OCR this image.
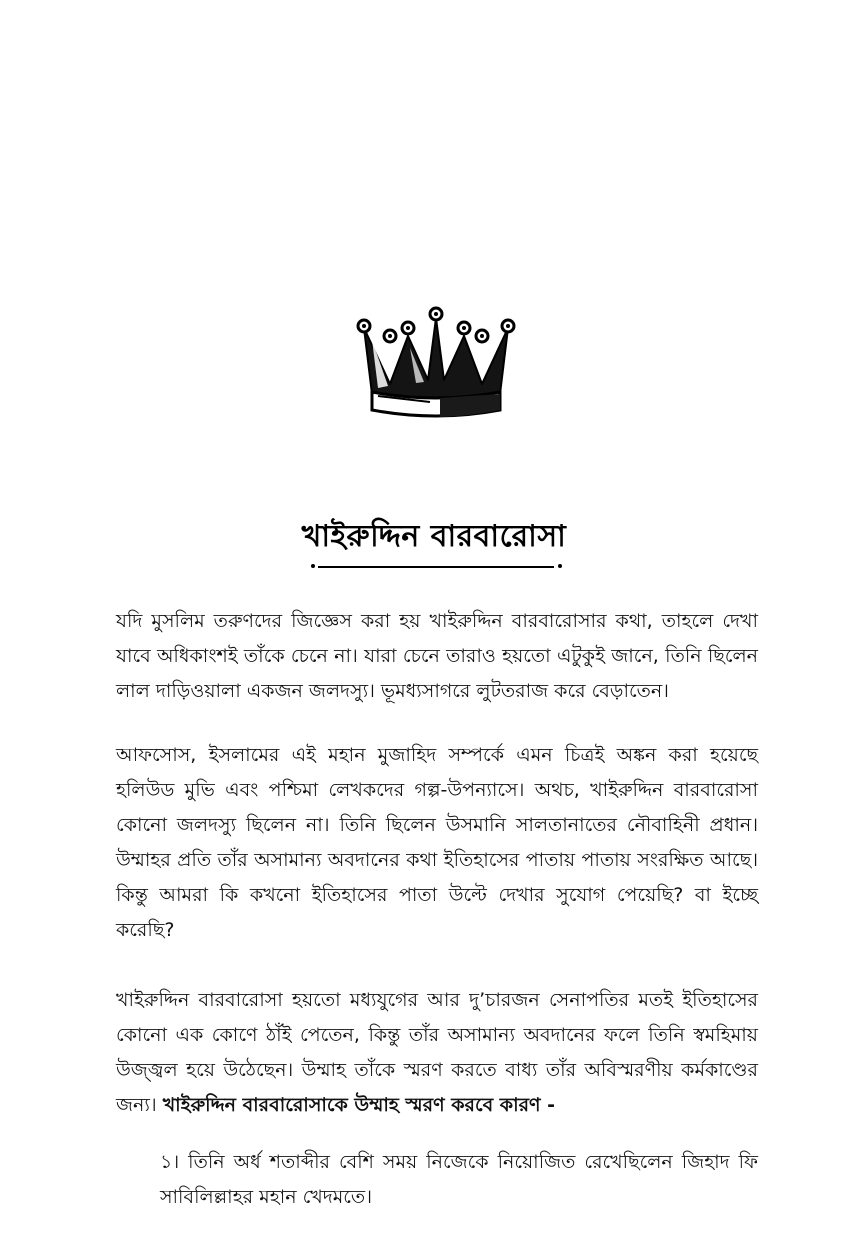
খাইরুদ্দিন বারবারোসা

যদি মুসলিম তরুণদের জিজ্ঞেস করা হয় খাইরুদ্দিন বারবারোসার কথা, তাহলে দেখা যাবে অধিকাংশই তাঁকে চেনে না। যারা চেনে তারাও হয়তো এটুকুই জানে, তিনি ছিলেন লাল দাড়িওয়ালা একজন জলদস্যু। ভূমধ্যসাগরে লুটতরাজ করে বেড়াতেন।

আফসোস, ইসলামের এই মহান মুজাহিদ সম্পর্কে এমন চিত্রই অঙ্কন করা হয়েছে হলিউড মুভি এবং পশ্চিমা লেখকদের গল্প-উপন্যাসে। অথচ, খাইরুদ্দিন বারবারোসা কোনো জলদস্যু ছিলেন না। তিনি ছিলেন উসমানি সালতানাতের নৌবাহিনী প্রধান। উম্মাহর প্রতি তাঁর অসামান্য অবদানের কথা ইতিহাসের পাতায় পাতায় সংরক্ষিত আছে। কিন্তু আমরা কি কখনো ইতিহাসের পাতা উল্টে দেখার সুযোগ পেয়েছি? বা ইচ্ছে করেছি?

খাইরুদ্দিন বারবারোসা হয়তো মধ্যযুগের আর দু’চারজন সেনাপতির মতই ইতিহাসের কোনো এক কোণে ঠাঁই পেতেন, কিন্তু তাঁর অসামান্য অবদানের ফলে তিনি স্বমহিমায় উজ্জ্বল হয়ে উঠেছেন। উম্মাহ তাঁকে স্মরণ করতে বাধ্য তাঁর অবিস্মরণীয় কর্মকাণ্ডের জন্য। খাইরুদ্দিন বারবারোসাকে উম্মাহ স্মরণ করবে কারণ -

১। তিনি অর্ধ শতাব্দীর বেশি সময় নিজেকে নিয়োজিত রেখেছিলেন জিহাদ ফি সাবিলিল্লাহর মহান খেদমতে।
